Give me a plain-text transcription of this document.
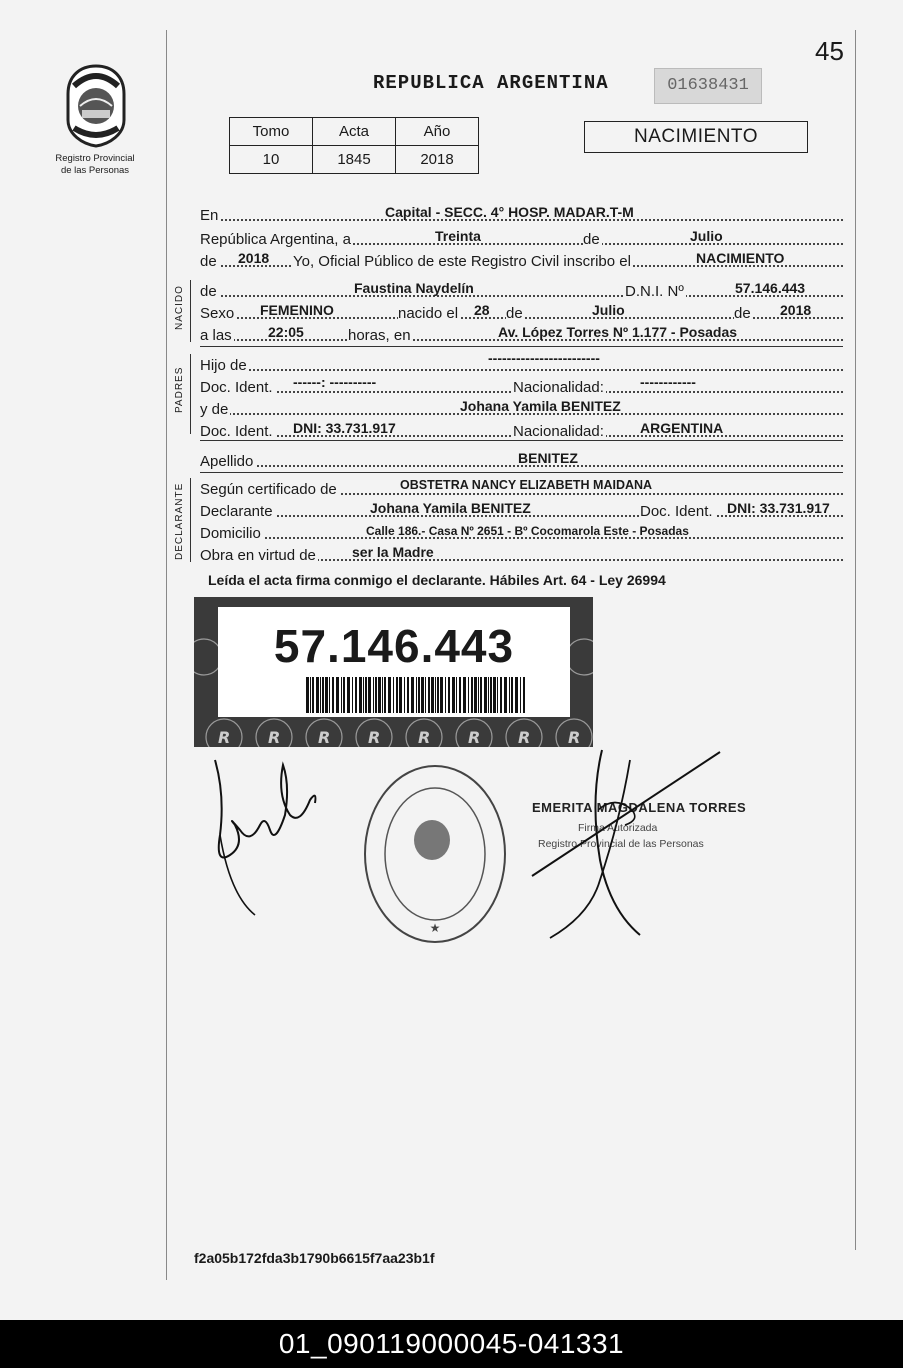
45
Registro Provincial
de las Personas
REPUBLICA ARGENTINA	01638431
Tomo	Acta	Año
10	1845	2018
NACIMIENTO
En	Capital - SECC. 4° HOSP. MADAR.T-M
República Argentina, a	Treinta	de	Julio
de 2018 Yo, Oficial Público de este Registro Civil inscribo el	NACIMIENTO
NACIDO de	Faustina Naydelín	D.N.I. Nº	57.146.443
Sexo FEMENINO	nacido el 28 de	Julio	de 2018
a las	22:05	horas, en	Av. López Torres Nº 1.177 - Posadas
PADRES
Hijo de	------------------------
Doc. Ident. ------: ----------	Nacionalidad:	------------
y de	Johana Yamila BENITEZ
Doc. Ident. DNI: 33.731.917	Nacionalidad:	ARGENTINA
Apellido	BENITEZ
DECLARANTE Según certificado de	OBSTETRA NANCY ELIZABETH MAIDANA
Declarante	Johana Yamila BENITEZ	Doc. Ident. DNI: 33.731.917
Domicilio	Calle 186.- Casa Nº 2651 - Bº Cocomarola Este - Posadas
Obra en virtud de	ser la Madre
Leída el acta firma conmigo el declarante. Hábiles Art. 64 - Ley 26994
R R R R R R R R
57.146.443
★
EMERITA MAGDALENA TORRES
Firma Autorizada
Registro Provincial de las Personas
f2a05b172fda3b1790b6615f7aa23b1f
01_090119000045-041331
